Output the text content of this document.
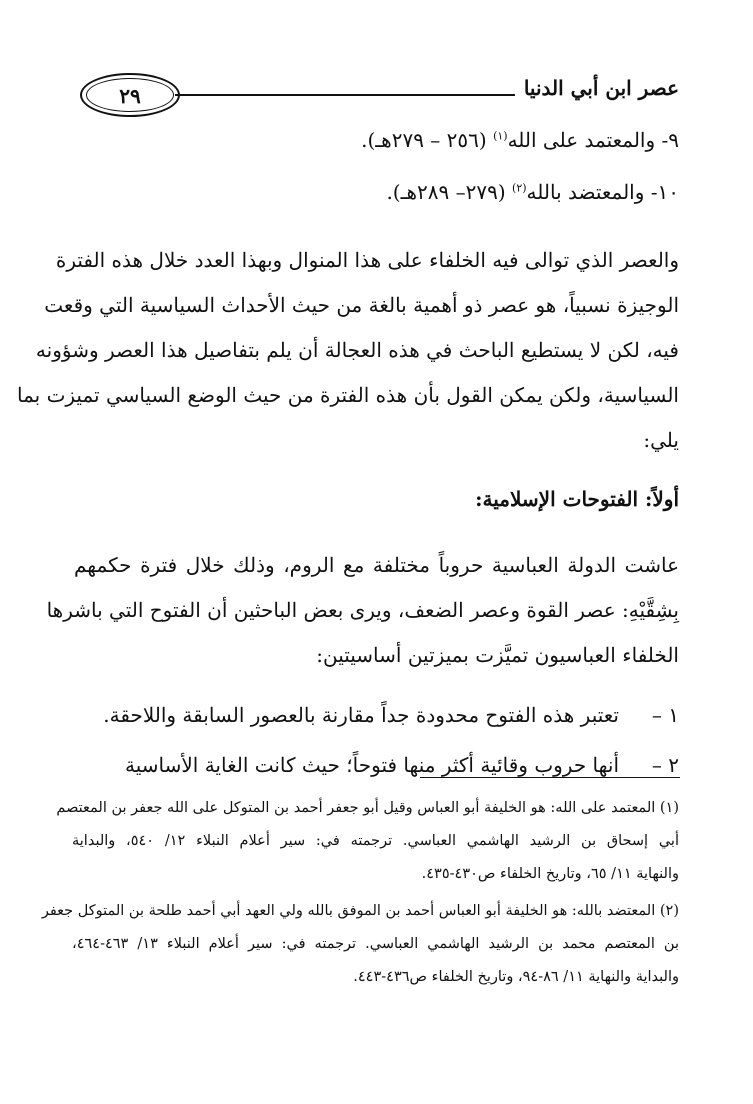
عصر ابن أبي الدنيا
٢٩
٩- والمعتمد على الله$^{(١)}$ (٢٥٦ – ٢٧٩هـ).
١٠- والمعتضد بالله$^{(٢)}$ (٢٧٩– ٢٨٩هـ).
والعصر الذي توالى فيه الخلفاء على هذا المنوال وبهذا العدد خلال هذه الفترة
الوجيزة نسبياً، هو عصر ذو أهمية بالغة من حيث الأحداث السياسية التي وقعت
فيه، لكن لا يستطيع الباحث في هذه العجالة أن يلم بتفاصيل هذا العصر وشؤونه
السياسية، ولكن يمكن القول بأن هذه الفترة من حيث الوضع السياسي تميزت بما
يلي:
أولاً: الفتوحات الإسلامية:
عاشت الدولة العباسية حروباً مختلفة مع الروم، وذلك خلال فترة حكمهم
بِشِقَّيْهِ: عصر القوة وعصر الضعف، ويرى بعض الباحثين أن الفتوح التي باشرها
الخلفاء العباسيون تميَّزت بميزتين أساسيتين:
١ –تعتبر هذه الفتوح محدودة جداً مقارنة بالعصور السابقة واللاحقة.
٢ –أنها حروب وقائية أكثر منها فتوحاً؛ حيث كانت الغاية الأساسية
(١) المعتمد على الله: هو الخليفة أبو العباس وقيل أبو جعفر أحمد بن المتوكل على الله جعفر بن المعتصم
أبي إسحاق بن الرشيد الهاشمي العباسي. ترجمته في: سير أعلام النبلاء ١٢/ ٥٤٠، والبداية
والنهاية ١١/ ٦٥، وتاريخ الخلفاء ص٤٣٠-٤٣٥.
(٢) المعتضد بالله: هو الخليفة أبو العباس أحمد بن الموفق بالله ولي العهد أبي أحمد طلحة بن المتوكل جعفر
بن المعتصم محمد بن الرشيد الهاشمي العباسي. ترجمته في: سير أعلام النبلاء ١٣/ ٤٦٣-٤٦٤،
والبداية والنهاية ١١/ ٨٦-٩٤، وتاريخ الخلفاء ص٤٣٦-٤٤٣.
